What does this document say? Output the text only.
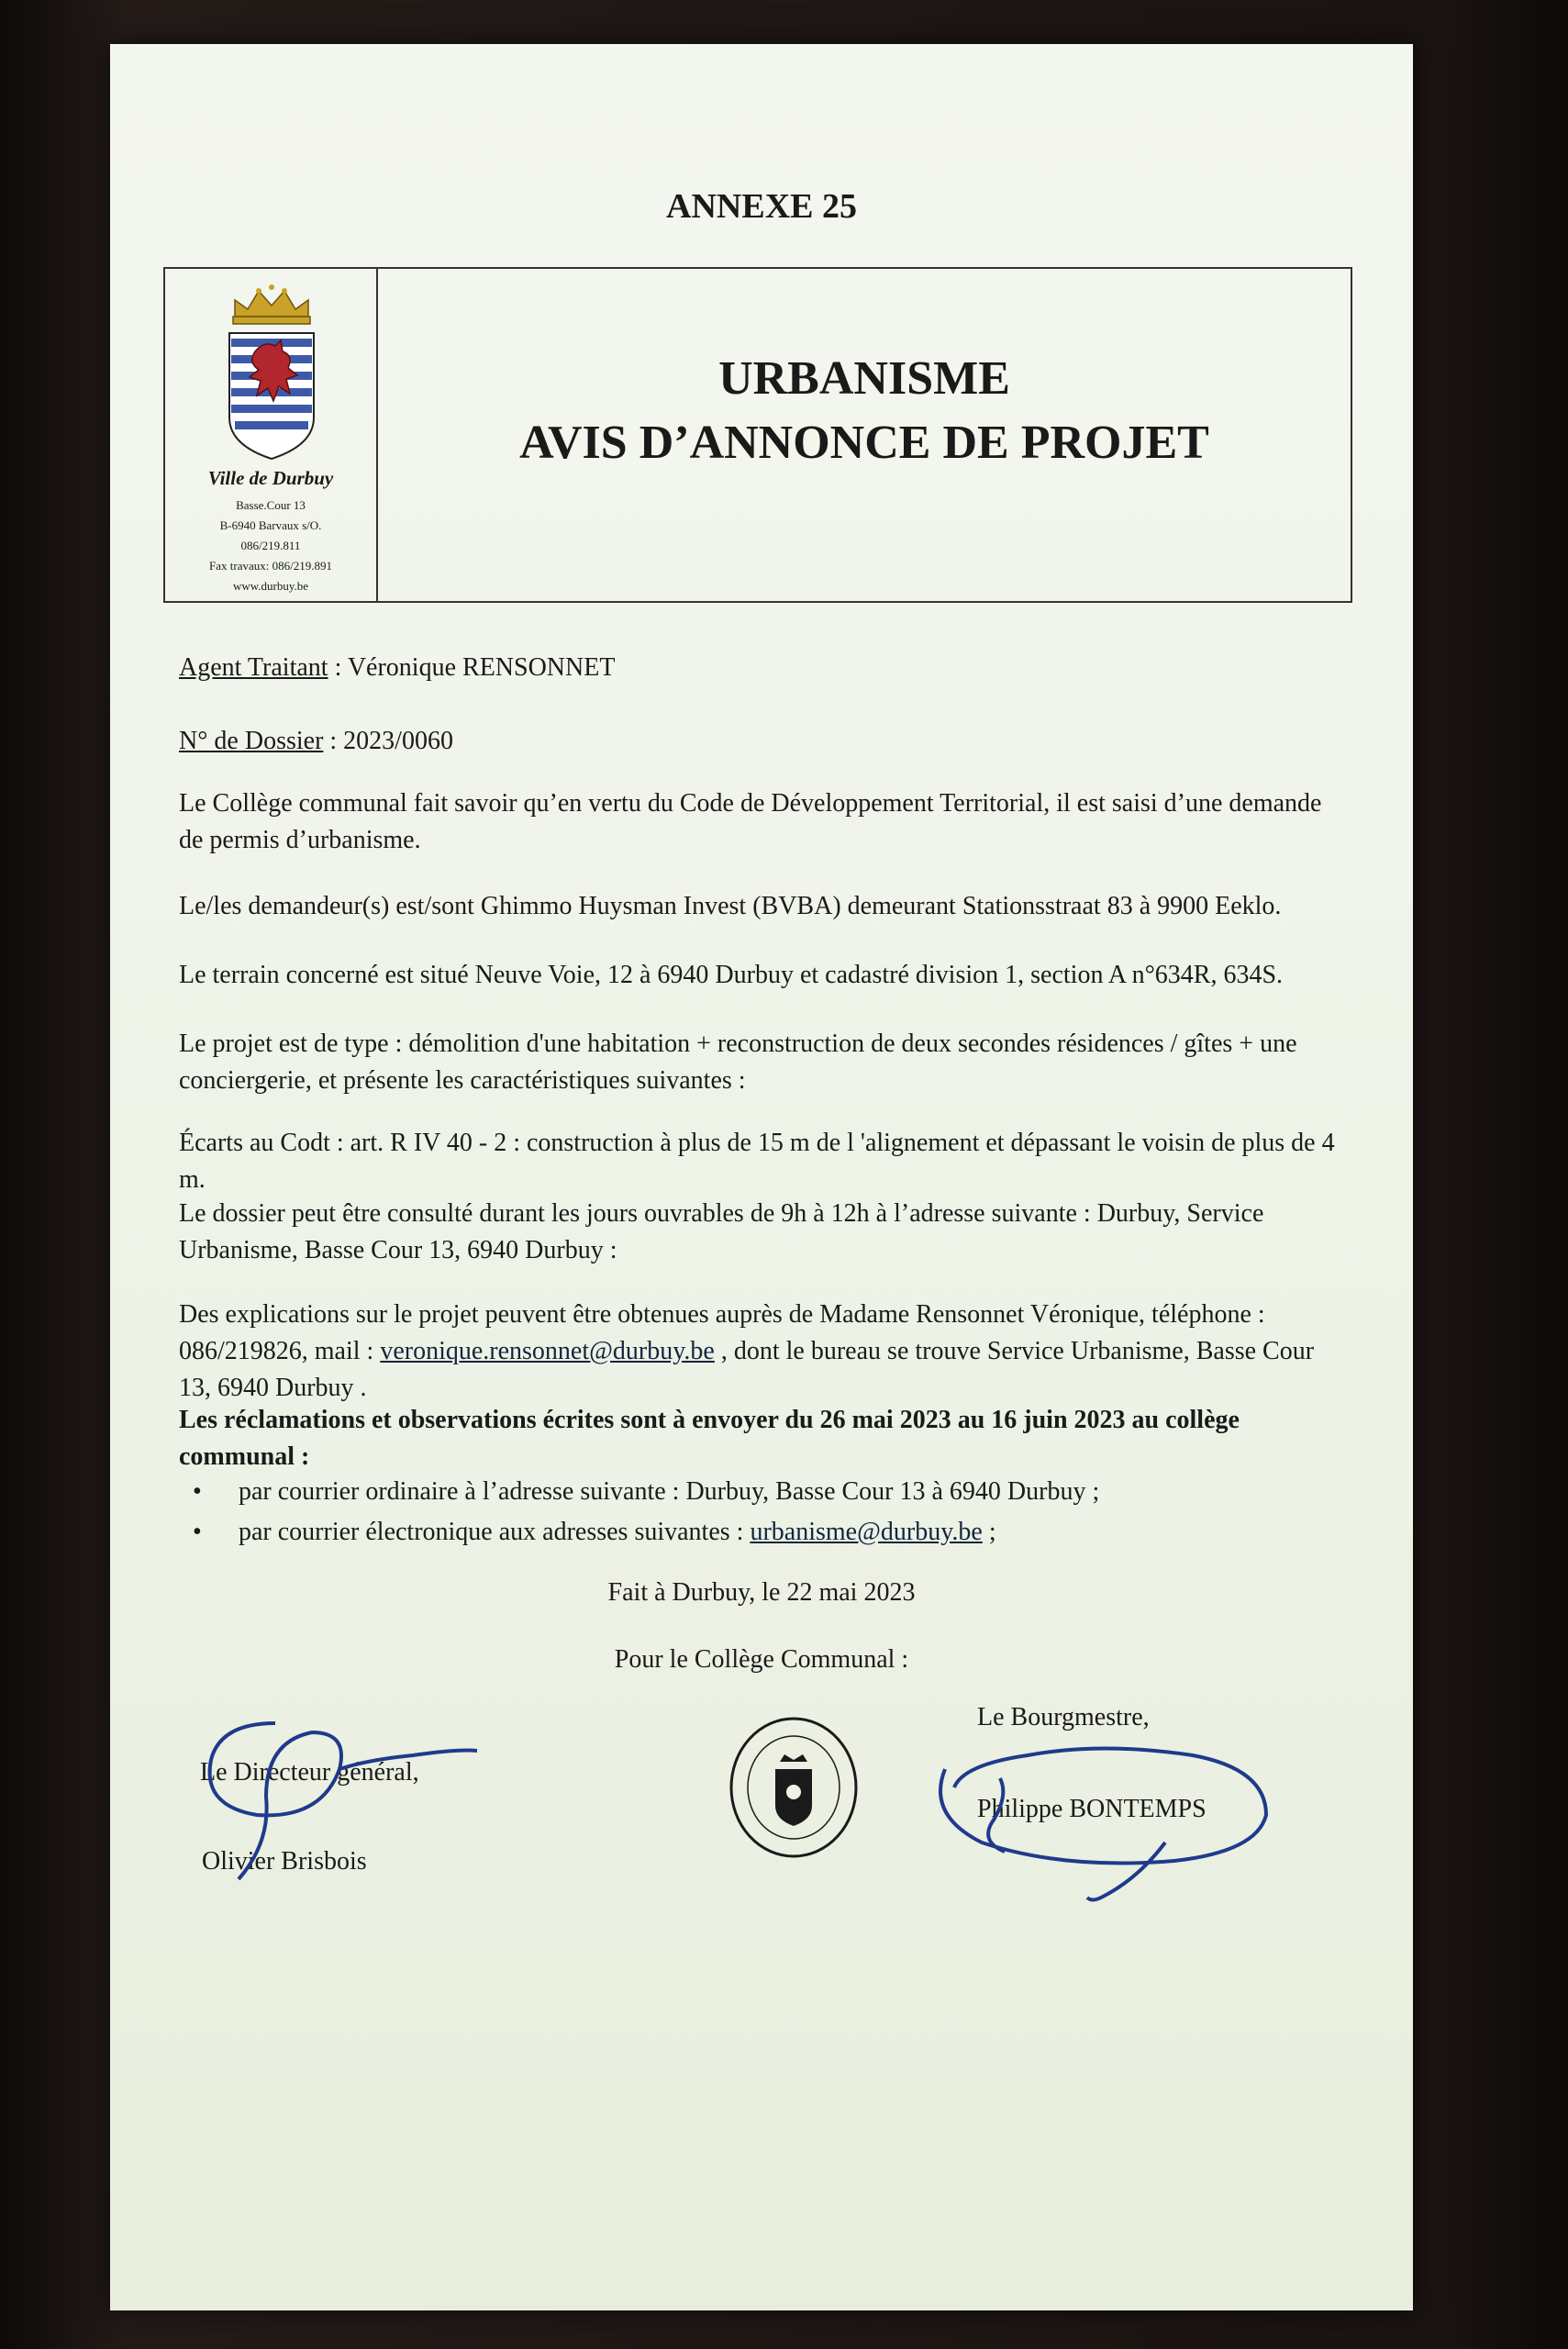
ANNEXE 25
Ville de Durbuy
Basse.Cour 13
B-6940 Barvaux s/O.
086/219.811
Fax travaux: 086/219.891
www.durbuy.be
URBANISME
AVIS D’ANNONCE DE PROJET
Agent Traitant : Véronique RENSONNET
N° de Dossier : 2023/0060
Le Collège communal fait savoir qu’en vertu du Code de Développement Territorial, il est saisi d’une demande de permis d’urbanisme.
Le/les demandeur(s) est/sont Ghimmo Huysman Invest (BVBA) demeurant Stationsstraat 83 à 9900 Eeklo.
Le terrain concerné est situé Neuve Voie, 12 à 6940 Durbuy et cadastré division 1, section A n°634R, 634S.
Le projet est de type : démolition d'une habitation + reconstruction de deux secondes résidences / gîtes + une conciergerie, et présente les caractéristiques suivantes :
Écarts au Codt : art. R IV 40 - 2 : construction à plus de 15 m de l 'alignement et dépassant le voisin de plus de 4 m.
Le dossier peut être consulté durant les jours ouvrables de 9h à 12h à l’adresse suivante : Durbuy, Service Urbanisme, Basse Cour 13, 6940 Durbuy :
Des explications sur le projet peuvent être obtenues auprès de Madame Rensonnet Véronique, téléphone : 086/219826, mail : veronique.rensonnet@durbuy.be , dont le bureau se trouve Service Urbanisme, Basse Cour 13, 6940 Durbuy .
Les réclamations et observations écrites sont à envoyer du 26 mai 2023 au 16 juin 2023 au collège communal :
• par courrier ordinaire à l’adresse suivante : Durbuy, Basse Cour 13 à 6940 Durbuy ;
• par courrier électronique aux adresses suivantes : urbanisme@durbuy.be ;
Fait à Durbuy, le 22 mai 2023
Pour le Collège Communal :
Le Directeur général,
Olivier Brisbois
Le Bourgmestre,
Philippe BONTEMPS
